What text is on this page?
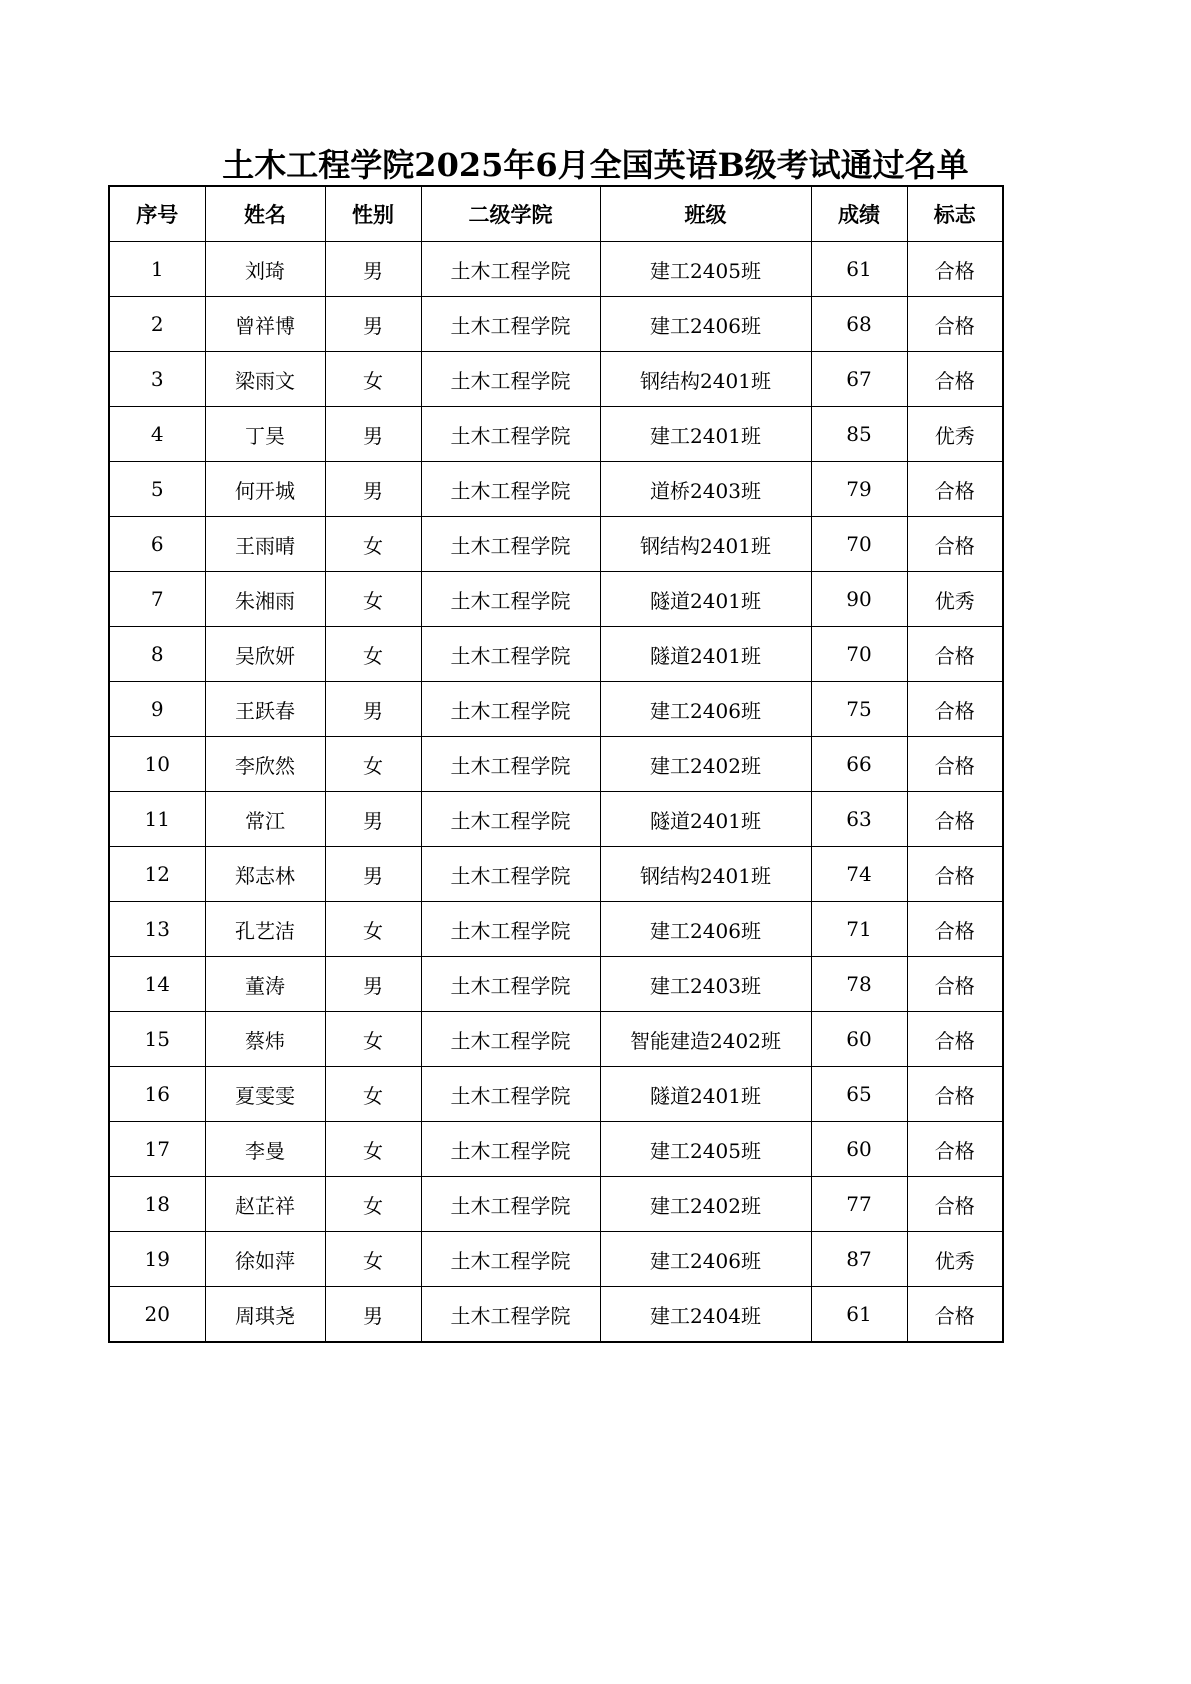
土木工程学院2025年6月全国英语B级考试通过名单
序号	姓名	性别	二级学院	班级	成绩	标志
1	刘琦	男	土木工程学院	建工2405班	61	合格
2	曾祥博	男	土木工程学院	建工2406班	68	合格
3	梁雨文	女	土木工程学院	钢结构2401班	67	合格
4	丁昊	男	土木工程学院	建工2401班	85	优秀
5	何开城	男	土木工程学院	道桥2403班	79	合格
6	王雨晴	女	土木工程学院	钢结构2401班	70	合格
7	朱湘雨	女	土木工程学院	隧道2401班	90	优秀
8	吴欣妍	女	土木工程学院	隧道2401班	70	合格
9	王跃春	男	土木工程学院	建工2406班	75	合格
10	李欣然	女	土木工程学院	建工2402班	66	合格
11	常江	男	土木工程学院	隧道2401班	63	合格
12	郑志林	男	土木工程学院	钢结构2401班	74	合格
13	孔艺洁	女	土木工程学院	建工2406班	71	合格
14	董涛	男	土木工程学院	建工2403班	78	合格
15	蔡炜	女	土木工程学院	智能建造2402班	60	合格
16	夏雯雯	女	土木工程学院	隧道2401班	65	合格
17	李曼	女	土木工程学院	建工2405班	60	合格
18	赵芷祥	女	土木工程学院	建工2402班	77	合格
19	徐如萍	女	土木工程学院	建工2406班	87	优秀
20	周琪尧	男	土木工程学院	建工2404班	61	合格
